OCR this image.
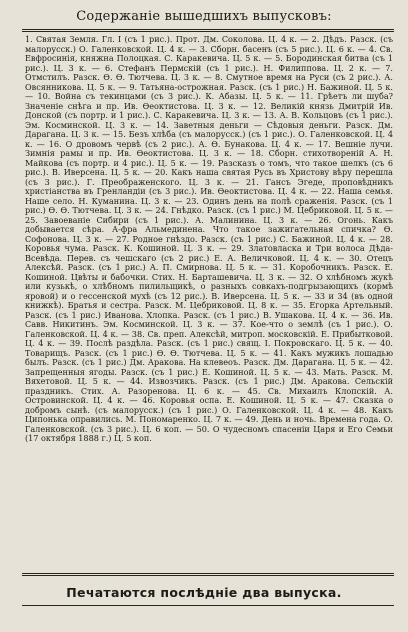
Содержаніе вышедшихъ выпусковъ:
1. Святая Земля. Гл. I (съ 1 рис.). Прот. Дм. Соколова. Ц. 4 к. — 2. Дѣдъ. Разск. (съ малорусск.) О. Галенковской. Ц. 4 к. — 3. Сборн. басенъ (съ 5 рис.). Ц. 6 к. — 4. Св. Евфросинія, княжна Полоцкая. С. Каракевича. Ц. 5 к. — 5. Бородинская битва (съ 1 рис.). Ц. 3 к. — 6. Стефанъ Пермскій (съ 1 рис.). Н. Филиппова. Ц. 2 к. — 7. Отмстилъ. Разск. Ѳ. Ѳ. Тютчева. Ц. 3 к. — 8. Смутное время на Руси (съ 2 рис.). А. Овсянникова. Ц. 5 к. — 9. Татьяна-острожная. Разск. (съ 1 рис.) Н. Бажиной. Ц. 5 к. — 10. Война съ текинцами (съ 3 рис.). К. Абазы. Ц. 5 к. — 11. Грѣетъ ли шуба? Значеніе снѣга и пр. Ив. Ѳеоктистова. Ц. 3 к. — 12. Великій князь Дмитрій Ив. Донской (съ портр. и 1 рис.). С. Каракевича. Ц. 3 к. — 13. А. В. Кольцовъ (съ 1 рис.). Эм. Косминской. Ц. 3 к. — 14. Заветныя деньги — Сѣдовыя деньги. Разск. Дм. Дарагана. Ц. 3 к. — 15. Безъ хлѣба (съ малорусск.) (съ 1 рис.). О. Галенковской. Ц. 4 к. — 16. О дровомъ червѣ (съ 2 рис.). А. Ѳ. Бунакова. Ц. 4 к. — 17. Вешніе лучи. Зимнія рамы и пр. Ив. Ѳеоктистова. Ц. 3 к. — 18. Сборн. стихотвореній А. Н. Майкова (съ портр. и 4 рис.). Ц. 5 к. — 19. Разсказъ о томъ, что такое шелкъ (съ 6 рис.). В. Иверсена. Ц. 5 к. — 20. Какъ наша святая Русь въ Христову вѣру перешла (съ 3 рис.). Г. Преображенского. Ц. 3 к. — 21. Гансъ Эгеде, проповѣдникъ христіанства въ Гренландіи (съ 3 рис.). Ив. Ѳеоктистова. Ц. 4 к. — 22. Наша семья. Наше село. Н. Куманина. Ц. 3 к. — 23. Одинъ день на полѣ сраженія. Разск. (съ 1 рис.) Ѳ. Ѳ. Тютчева. Ц. 3 к. — 24. Гнѣдко. Разск. (съ 1 рис.) М. Цебриковой. Ц. 5 к. — 25. Завоеваніе Сибири (съ 1 рис.). А. Малинина. Ц. 3 к. — 26. Огонь. Какъ добывается сѣра. А-фра Альмединена. Что такое зажигательная спичка? Ѳ. Софонова. Ц. 3 к. — 27. Родное гнѣздо. Разск. (съ 1 рис.) С. Бажиной. Ц. 4 к. — 28. Коровья чума. Разск. К. Кошиной. Ц. 3 к. — 29. Златовласка и Три волоса Дѣда-Всевѣда. Перев. съ чешскаго (съ 2 рис.) Е. А. Величковой. Ц. 4 к. — 30. Отецъ Алексѣй. Разск. (съ 1 рис.) А. П. Смирнова. Ц. 5 к. — 31. Коробочникъ. Разск. Е. Кошиной. Цвѣты и бабочки. Стих. Н. Барташевича. Ц. 3 к. — 32. О хлѣбномъ жукѣ или кузькѣ, о хлѣбномъ пилильщикѣ, о разныхъ совкахъ-подгрызающихъ (кормѣ яровой) и о гессенской мухѣ (съ 12 рис.). В. Иверсена. Ц. 5 к. — 33 и 34 (въ одной книжкѣ). Братья и сестра. Разск. М. Цебриковой. Ц. 8 к. — 35. Егорка Артельный. Разск. (съ 1 рис.) Иванова. Хлопка. Разск. (съ 1 рис.) В. Ушакова. Ц. 4 к. — 36. Ив. Савв. Никитинъ. Эм. Косминской. Ц. 3 к. — 37. Кое-что о землѣ (съ 1 рис.). О. Галенковской. Ц. 4 к. — 38. Св. преп. Алексѣй, митроп. московскій. Е. Прибытковой. Ц. 4 к. — 39. Послѣ раздѣла. Разск. (съ 1 рис.) свящ. І. Покровскаго. Ц. 5 к. — 40. Товарищъ. Разск. (съ 1 рис.) Ѳ. Ѳ. Тютчева. Ц. 5 к. — 41. Какъ мужикъ лошадью былъ. Разск. (съ 1 рис.) Дм. Аракова. На клевеоъ. Разск. Дм. Дарагана. Ц. 5 к. — 42. Запрещенныя ягоды. Разск. (съ 1 рис.) Е. Кошиной. Ц. 5 к. — 43. Мать. Разск. М. Вяхетовой. Ц. 5 к. — 44. Извозчикъ. Разск. (съ 1 рис.) Дм. Аракова. Сельскій праздникъ. Стих. А. Разоренова. Ц. 6 к. — 45. Св. Михаилъ Клопскій. А. Островинской. Ц. 4 к. — 46. Коровья оспа. Е. Кошиной. Ц. 5 к. — 47. Сказка о добромъ сынѣ. (съ малорусск.) (съ 1 рис.) О. Галенковской. Ц. 4 к. — 48. Какъ Ципонька оправились. М. Пономаренко. Ц. 7 к. — 49. День и ночь. Времена года. О. Галенковской. (съ 3 рис.). Ц. 6 коп. — 50. О чудесномъ спасеніи Царя и Его Семьи (17 октября 1888 г.) Ц. 5 коп.
Печатаются послѣдніе два выпуска.
